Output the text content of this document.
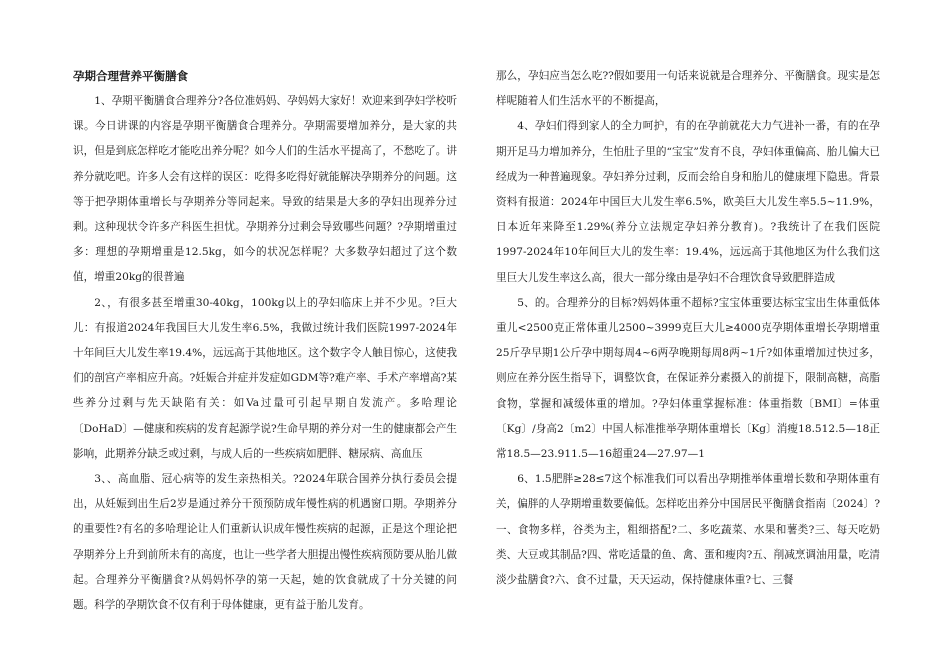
孕期合理营养平衡膳食

1、孕期平衡膳食合理养分?各位准妈妈、孕妈妈大家好！欢迎来到孕妇学校听课。今日讲课的内容是孕期平衡膳食合理养分。孕期需要增加养分，是大家的共识，但是到底怎样吃才能吃出养分呢？如今人们的生活水平提高了，不愁吃了。讲养分就吃吧。许多人会有这样的误区：吃得多吃得好就能解决孕期养分的问题。这等于把孕期体重增长与孕期养分等同起来。导致的结果是大多的孕妇出现养分过剩。这种现状令许多产科医生担忧。孕期养分过剩会导致哪些问题？?孕期增重过多：理想的孕期增重是12.5kg，如今的状况怎样呢？大多数孕妇超过了这个数值，增重20kg的很普遍

2、，有很多甚至增重30-40kg，100kg以上的孕妇临床上并不少见。?巨大儿：有报道2024年我国巨大儿发生率6.5%，我做过统计我们医院1997-2024年十年间巨大儿发生率19.4%，远远高于其他地区。这个数字令人触目惊心，这使我们的剖宫产率相应升高。?妊娠合并症并发症如GDM等?难产率、手术产率增高?某些养分过剩与先天缺陷有关：如Va过量可引起早期自发流产。多哈理论〔DoHaD〕—健康和疾病的发育起源学说?生命早期的养分对一生的健康都会产生影响，此期养分缺乏或过剩，与成人后的一些疾病如肥胖、糖尿病、高血压

3、、高血脂、冠心病等的发生亲热相关。?2024年联合国养分执行委员会提出，从妊娠到出生后2岁是通过养分干预预防成年慢性病的机遇窗口期。孕期养分的重要性?有名的多哈理论让人们重新认识成年慢性疾病的起源，正是这个理论把孕期养分上升到前所未有的高度，也让一些学者大胆提出慢性疾病预防要从胎儿做起。合理养分平衡膳食?从妈妈怀孕的第一天起，她的饮食就成了十分关键的问题。科学的孕期饮食不仅有利于母体健康，更有益于胎儿发育。

那么，孕妇应当怎么吃??假如要用一句话来说就是合理养分、平衡膳食。现实是怎样呢随着人们生活水平的不断提高，

4、孕妇们得到家人的全力呵护，有的在孕前就花大力气进补一番，有的在孕期开足马力增加养分，生怕肚子里的“宝宝”发育不良，孕妇体重偏高、胎儿偏大已经成为一种普遍现象。孕妇养分过剩，反而会给自身和胎儿的健康埋下隐患。背景资料有报道：2024年中国巨大儿发生率6.5%，欧美巨大儿发生率5.5~11.9%，日本近年来降至1.29%(养分立法规定孕妇养分教育)。?我统计了在我们医院1997-2024年10年间巨大儿的发生率：19.4%，远远高于其他地区为什么我们这里巨大儿发生率这么高，很大一部分缘由是孕妇不合理饮食导致肥胖造成

5、的。合理养分的目标?妈妈体重不超标?宝宝体重要达标宝宝出生体重低体重儿<2500克正常体重儿2500~3999克巨大儿≥4000克孕期体重增长孕期增重25斤孕早期1公斤孕中期每周4~6两孕晚期每周8两~1斤?如体重增加过快过多，则应在养分医生指导下，调整饮食，在保证养分素摄入的前提下，限制高糖，高脂食物，掌握和减缓体重的增加。?孕妇体重掌握标准：体重指数〔BMI〕=体重〔Kg〕/身高2〔m2〕中国人标准推举孕期体重增长〔Kg〕消瘦18.512.5—18正常18.5—23.911.5—16超重24—27.97—1

6、1.5肥胖≥28≤7这个标准我们可以看出孕期推举体重增长数和孕期体重有关，偏胖的人孕期增重数要偏低。怎样吃出养分中国居民平衡膳食指南〔2024〕?一、食物多样，谷类为主，粗细搭配?二、多吃蔬菜、水果和薯类?三、每天吃奶类、大豆或其制品?四、常吃适量的鱼、禽、蛋和瘦肉?五、削减烹调油用量，吃清淡少盐膳食?六、食不过量，天天运动，保持健康体重?七、三餐
